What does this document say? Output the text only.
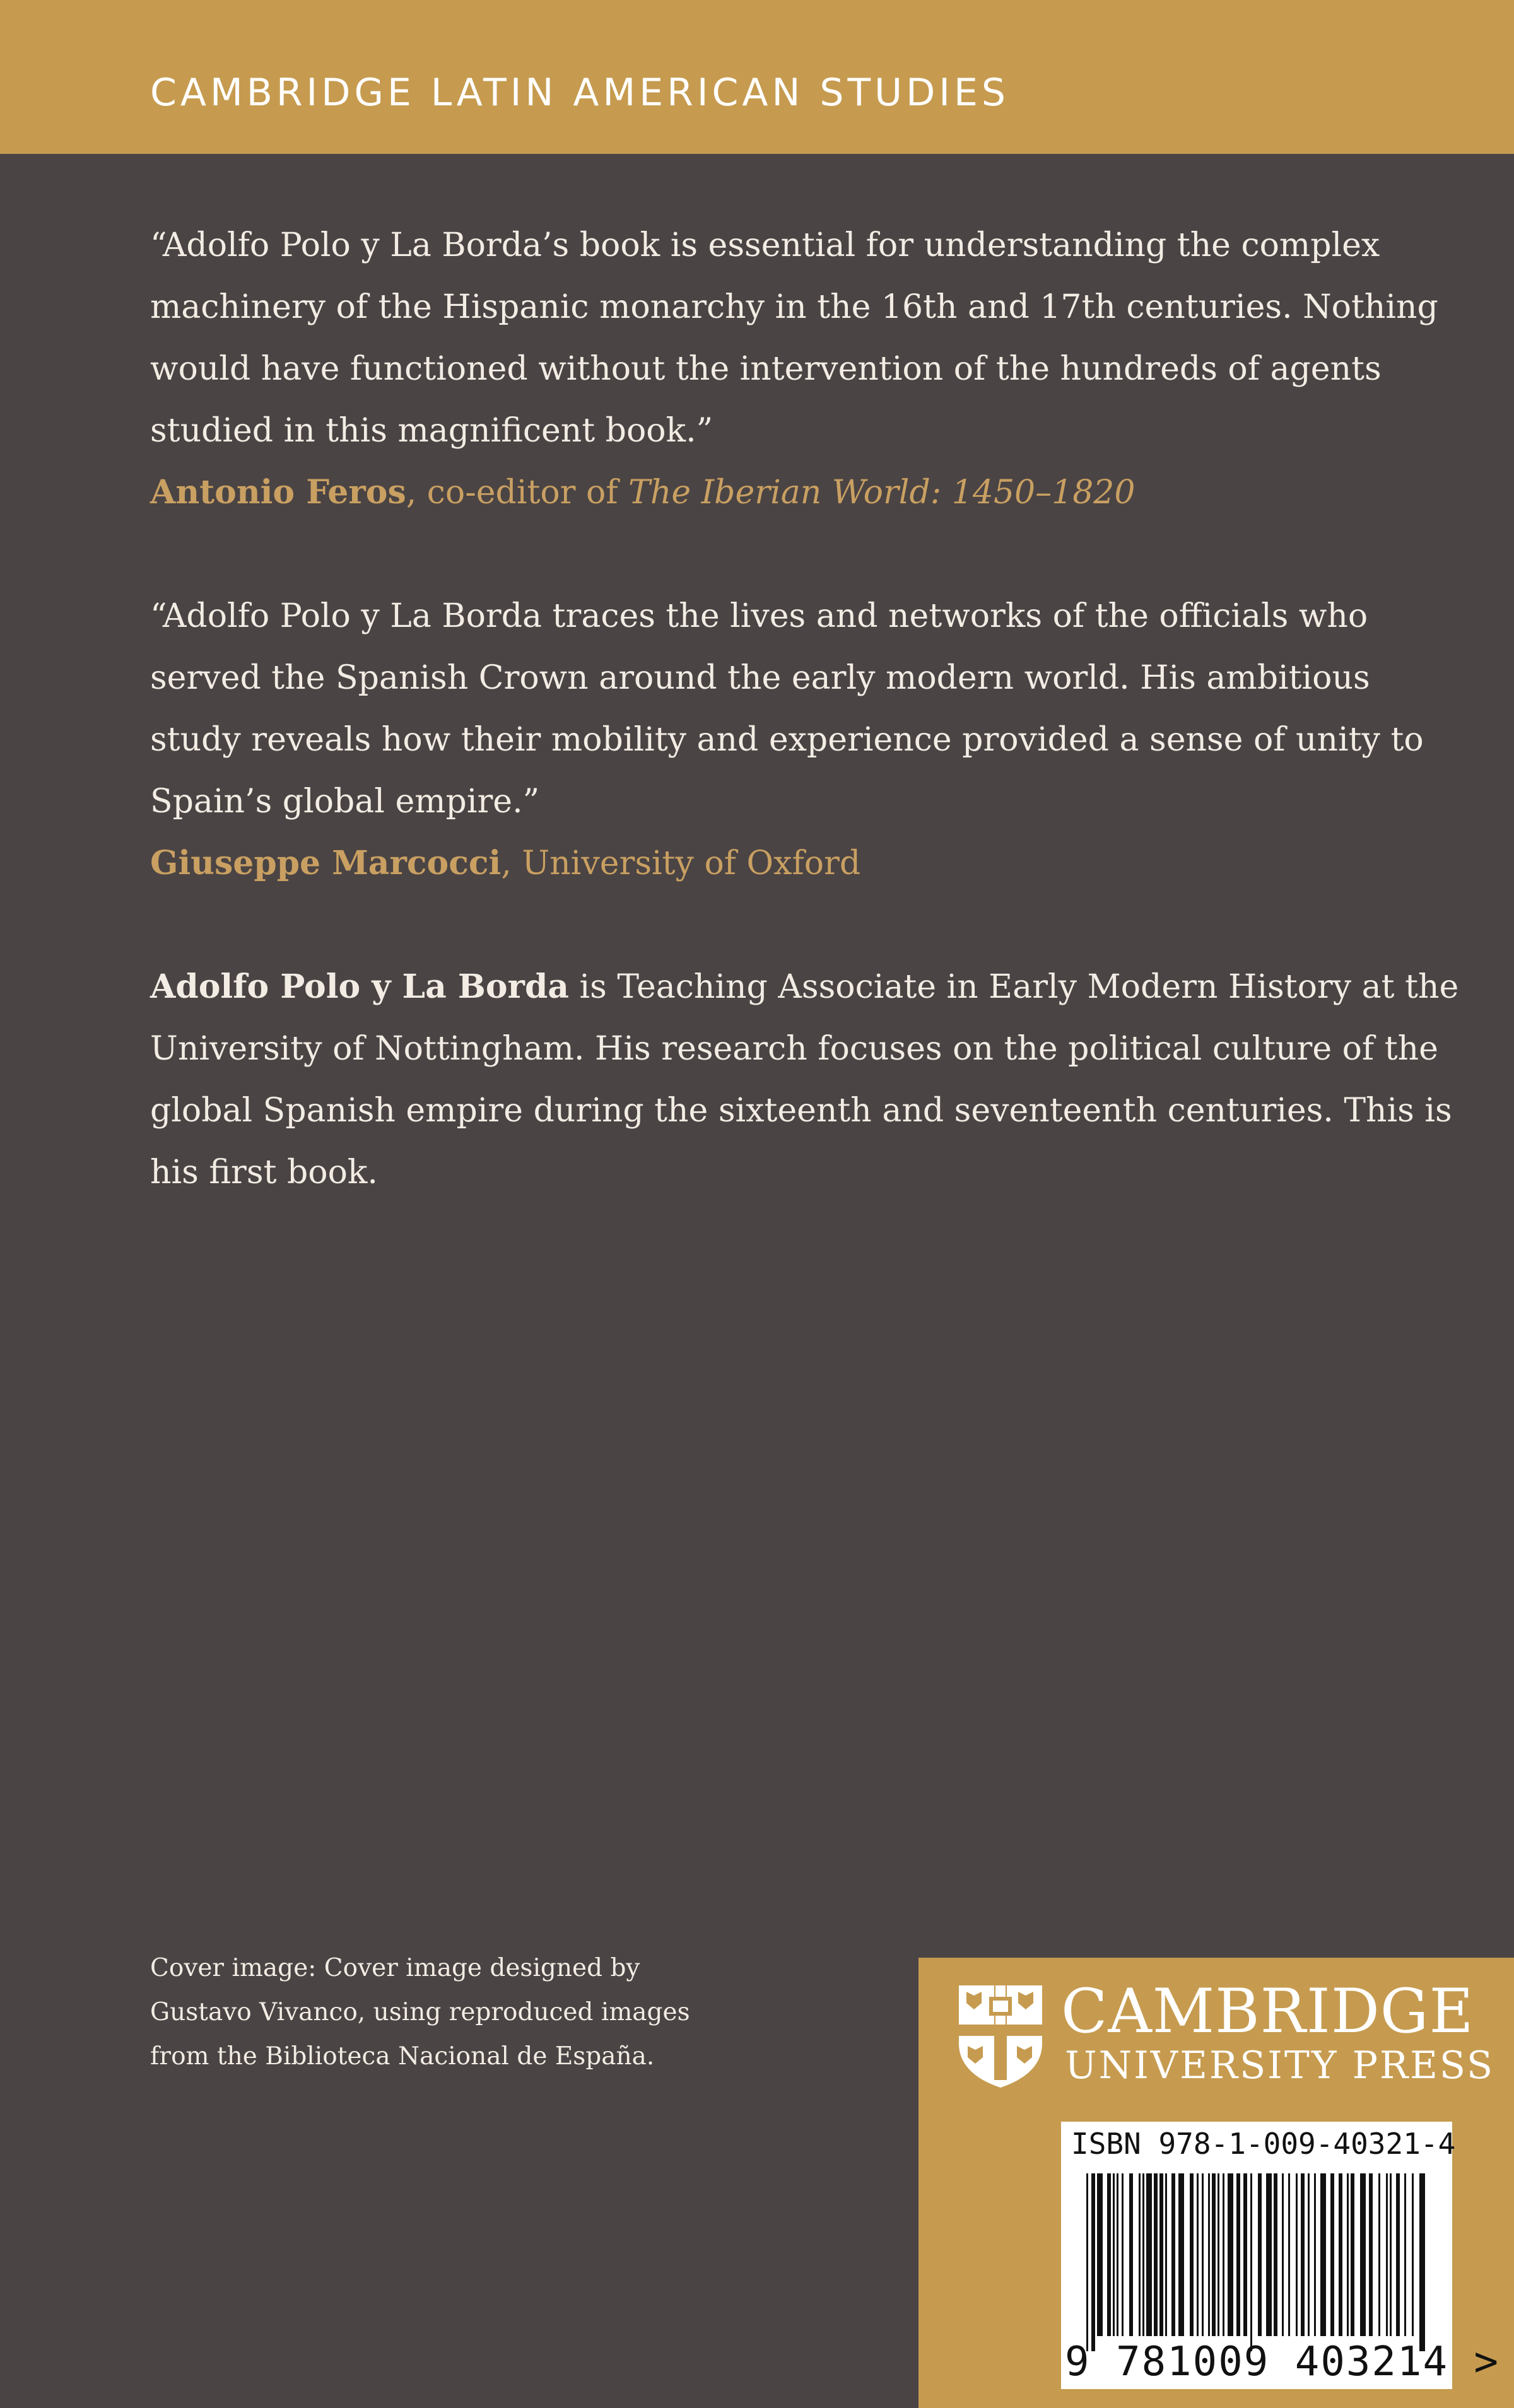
CAMBRIDGE LATIN AMERICAN STUDIES

“Adolfo Polo y La Borda’s book is essential for understanding the complex machinery of the Hispanic monarchy in the 16th and 17th centuries. Nothing would have functioned without the intervention of the hundreds of agents studied in this magnificent book.”

Antonio Feros, co-editor of The Iberian World: 1450–1820

“Adolfo Polo y La Borda traces the lives and networks of the officials who served the Spanish Crown around the early modern world. His ambitious study reveals how their mobility and experience provided a sense of unity to Spain’s global empire.”

Giuseppe Marcocci, University of Oxford

Adolfo Polo y La Borda is Teaching Associate in Early Modern History at the University of Nottingham. His research focuses on the political culture of the global Spanish empire during the sixteenth and seventeenth centuries. This is his first book.

Cover image: Cover image designed by Gustavo Vivanco, using reproduced images from the Biblioteca Nacional de España.
CAMBRIDGE
UNIVERSITY PRESS
ISBN 978-1-009-40321-4
9 781009 403214 >
